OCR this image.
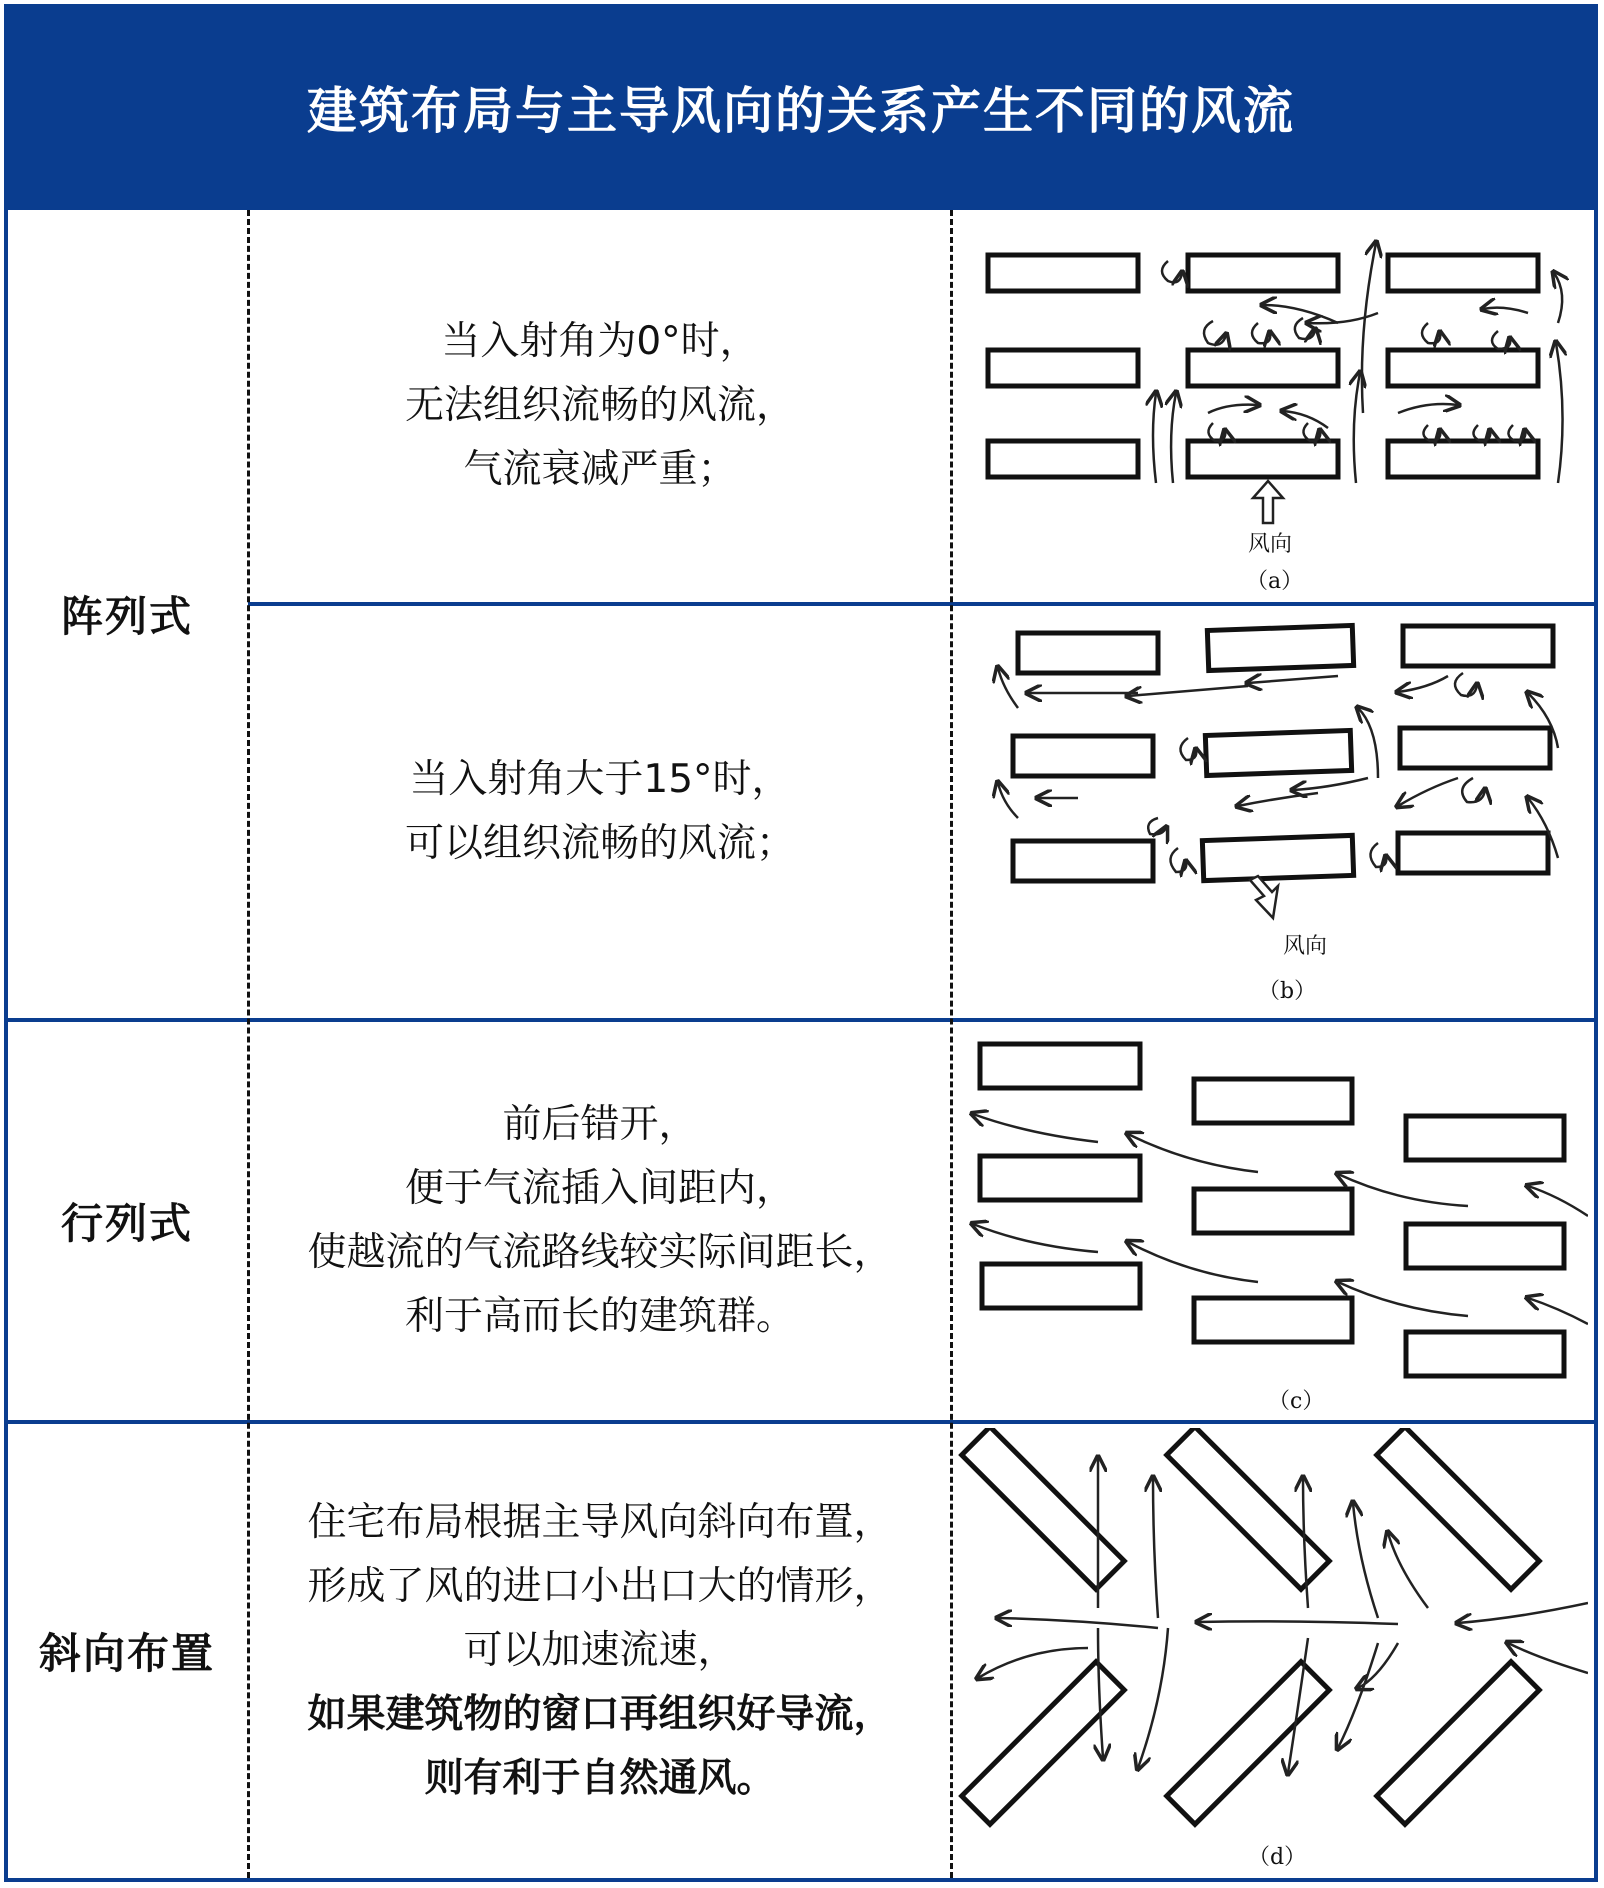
建筑布局与主导风向的关系产生不同的风流
阵列式
当入射角为0°时，
无法组织流畅的风流，
气流衰减严重；
当入射角大于15°时，
可以组织流畅的风流；
行列式
前后错开，
便于气流插入间距内，
使越流的气流路线较实际间距长，
利于高而长的建筑群。
斜向布置
住宅布局根据主导风向斜向布置，
形成了风的进口小出口大的情形，
可以加速流速，
如果建筑物的窗口再组织好导流，
则有利于自然通风。
风向
（a）
风向
（b）
（c）
（d）
